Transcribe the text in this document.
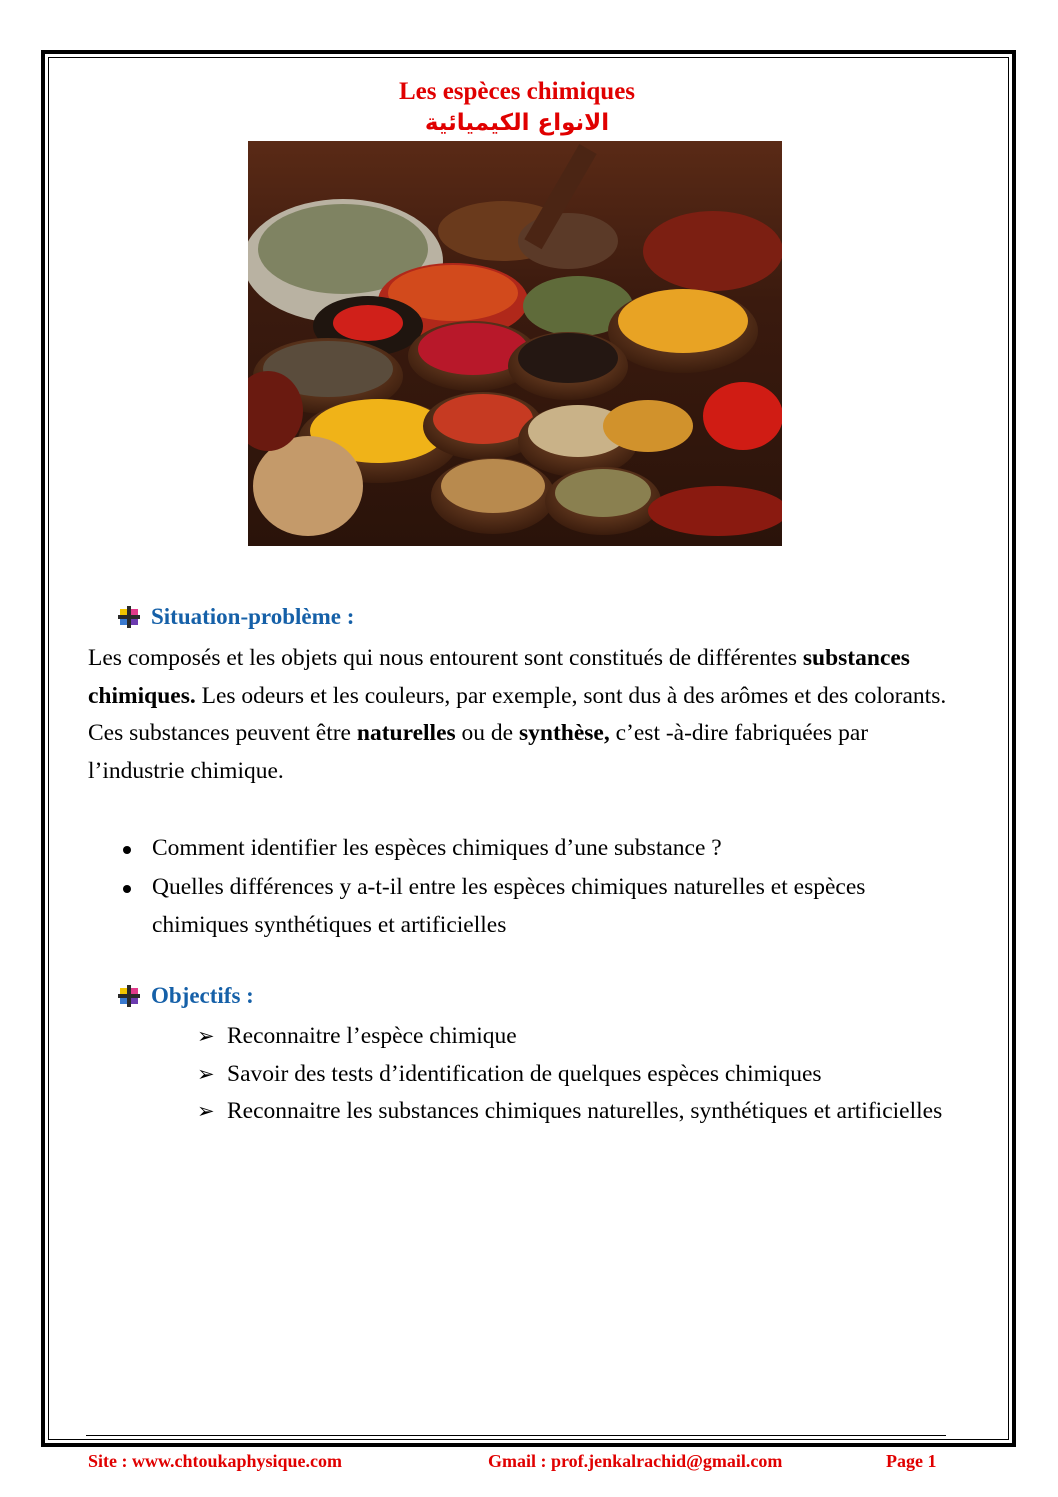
Les espèces chimiques
الانواع الكيميائية
Situation-problème :
Les composés et les objets qui nous entourent sont constitués de différentes substances chimiques. Les odeurs et les couleurs, par exemple, sont dus à des arômes et des colorants. Ces substances peuvent être naturelles ou de synthèse, c’est -à-dire fabriquées par l’industrie chimique.
Comment identifier les espèces chimiques d’une substance ?
Quelles différences y a-t-il entre les espèces chimiques naturelles et espèces chimiques synthétiques et artificielles
Objectifs :
➢ Reconnaitre l’espèce chimique
➢ Savoir des tests d’identification de quelques espèces chimiques
➢ Reconnaitre les substances chimiques naturelles, synthétiques et artificielles
Site : www.chtoukaphysique.com	Gmail : prof.jenkalrachid@gmail.com	Page 1
